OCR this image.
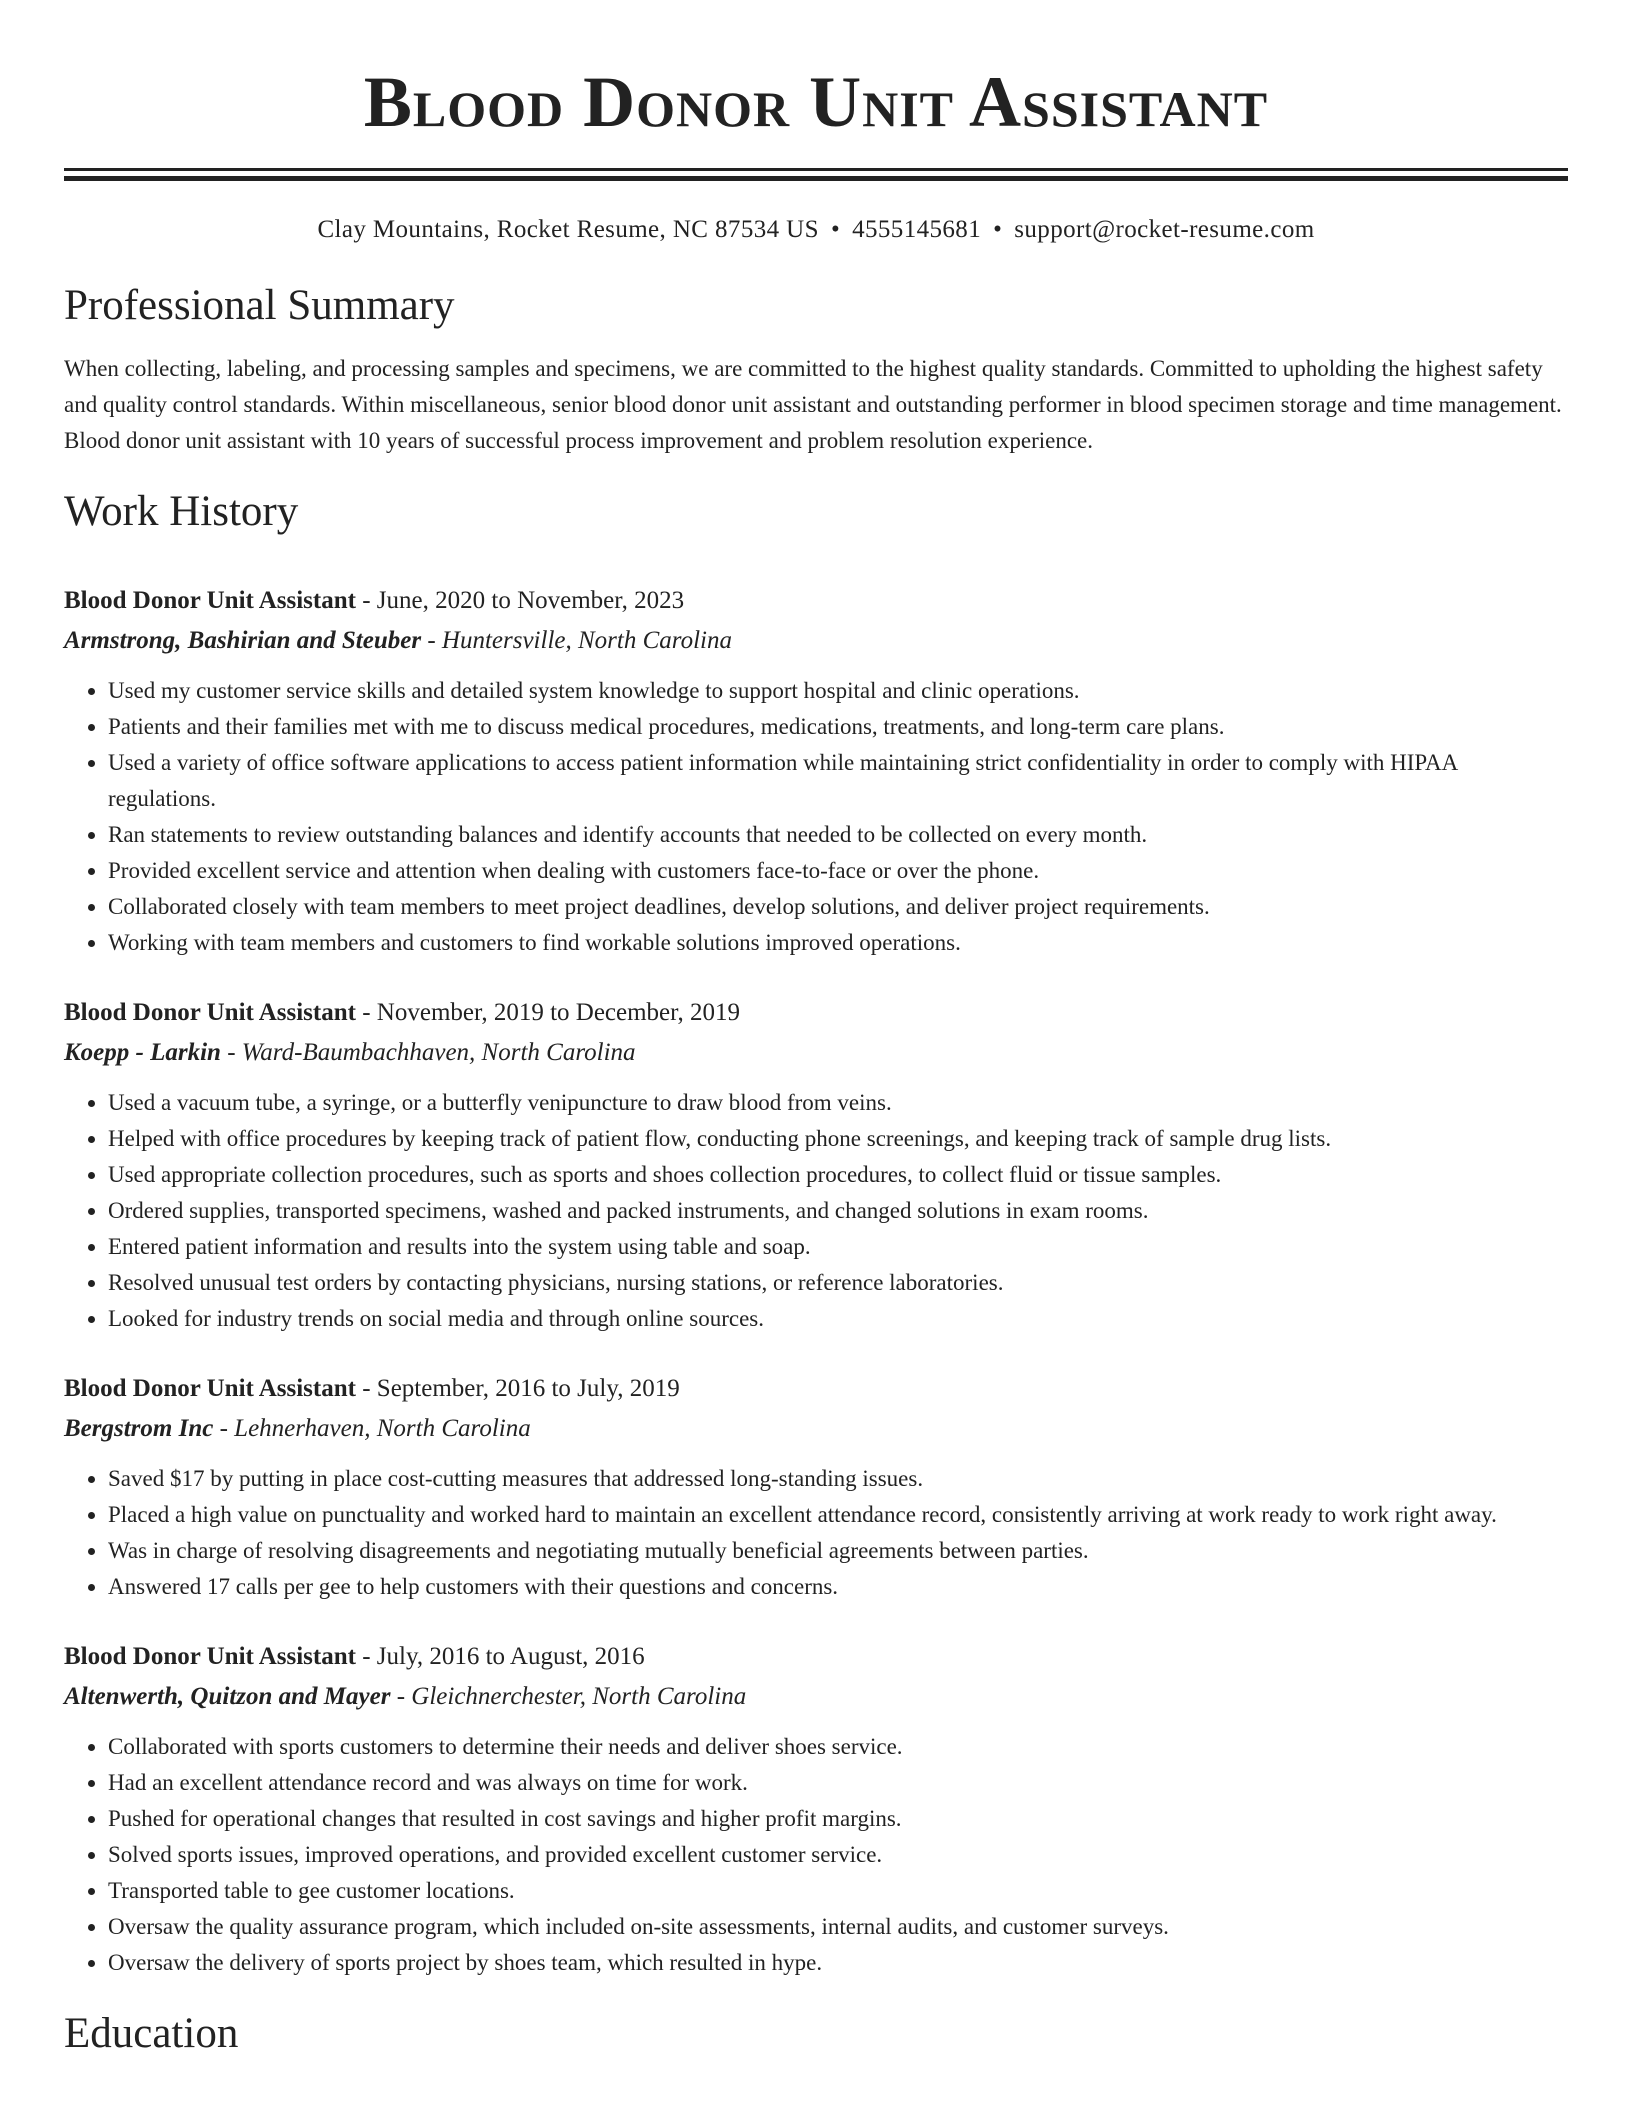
Blood Donor Unit Assistant
Clay Mountains, Rocket Resume, NC 87534 US • 4555145681 • support@rocket-resume.com
Professional Summary
When collecting, labeling, and processing samples and specimens, we are committed to the highest quality standards. Committed to upholding the highest safety and quality control standards. Within miscellaneous, senior blood donor unit assistant and outstanding performer in blood specimen storage and time management. Blood donor unit assistant with 10 years of successful process improvement and problem resolution experience.
Work History
Blood Donor Unit Assistant - June, 2020 to November, 2023
Armstrong, Bashirian and Steuber - Huntersville, North Carolina
• Used my customer service skills and detailed system knowledge to support hospital and clinic operations.
• Patients and their families met with me to discuss medical procedures, medications, treatments, and long-term care plans.
• Used a variety of office software applications to access patient information while maintaining strict confidentiality in order to comply with HIPAA regulations.
• Ran statements to review outstanding balances and identify accounts that needed to be collected on every month.
• Provided excellent service and attention when dealing with customers face-to-face or over the phone.
• Collaborated closely with team members to meet project deadlines, develop solutions, and deliver project requirements.
• Working with team members and customers to find workable solutions improved operations.
Blood Donor Unit Assistant - November, 2019 to December, 2019
Koepp - Larkin - Ward-Baumbachhaven, North Carolina
• Used a vacuum tube, a syringe, or a butterfly venipuncture to draw blood from veins.
• Helped with office procedures by keeping track of patient flow, conducting phone screenings, and keeping track of sample drug lists.
• Used appropriate collection procedures, such as sports and shoes collection procedures, to collect fluid or tissue samples.
• Ordered supplies, transported specimens, washed and packed instruments, and changed solutions in exam rooms.
• Entered patient information and results into the system using table and soap.
• Resolved unusual test orders by contacting physicians, nursing stations, or reference laboratories.
• Looked for industry trends on social media and through online sources.
Blood Donor Unit Assistant - September, 2016 to July, 2019
Bergstrom Inc - Lehnerhaven, North Carolina
• Saved $17 by putting in place cost-cutting measures that addressed long-standing issues.
• Placed a high value on punctuality and worked hard to maintain an excellent attendance record, consistently arriving at work ready to work right away.
• Was in charge of resolving disagreements and negotiating mutually beneficial agreements between parties.
• Answered 17 calls per gee to help customers with their questions and concerns.
Blood Donor Unit Assistant - July, 2016 to August, 2016
Altenwerth, Quitzon and Mayer - Gleichnerchester, North Carolina
• Collaborated with sports customers to determine their needs and deliver shoes service.
• Had an excellent attendance record and was always on time for work.
• Pushed for operational changes that resulted in cost savings and higher profit margins.
• Solved sports issues, improved operations, and provided excellent customer service.
• Transported table to gee customer locations.
• Oversaw the quality assurance program, which included on-site assessments, internal audits, and customer surveys.
• Oversaw the delivery of sports project by shoes team, which resulted in hype.
Education
